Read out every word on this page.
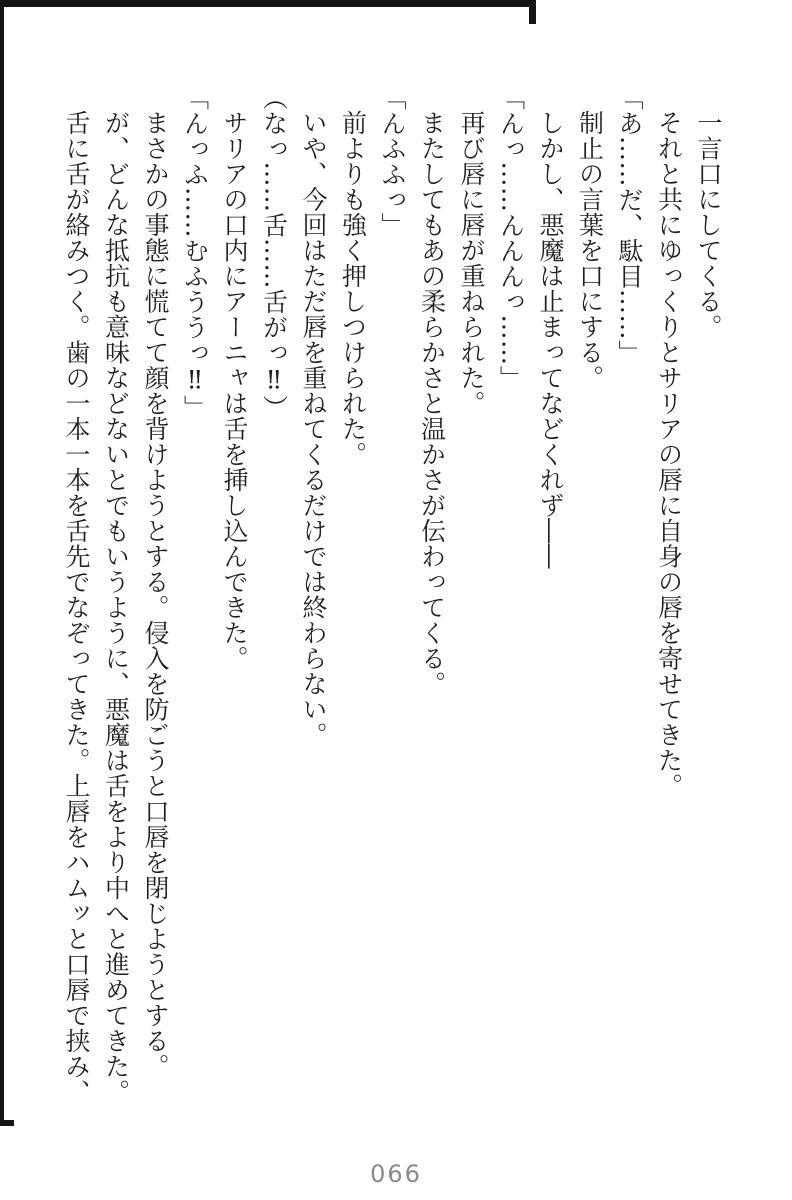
一言口にしてくる。

それと共にゆっくりとサリアの唇に自身の唇を寄せてきた。

「あ……だ、駄目……」

制止の言葉を口にする。

しかし、悪魔は止まってなどくれず――

「んっ……んんんっ……」

再び唇に唇が重ねられた。

またしてもあの柔らかさと温かさが伝わってくる。

「んふふっ」

前よりも強く押しつけられた。

いや、今回はただ唇を重ねてくるだけでは終わらない。

（なっ……舌……舌がっ‼）

サリアの口内にアーニャは舌を挿し込んできた。

「んっふ……むふううっ‼」

まさかの事態に慌てて顔を背けようとする。侵入を防ごうと口唇を閉じようとする。

が、どんな抵抗も意味などないとでもいうように、悪魔は舌をより中へと進めてきた。

舌に舌が絡みつく。歯の一本一本を舌先でなぞってきた。上唇をハムッと口唇で挟み、

066
